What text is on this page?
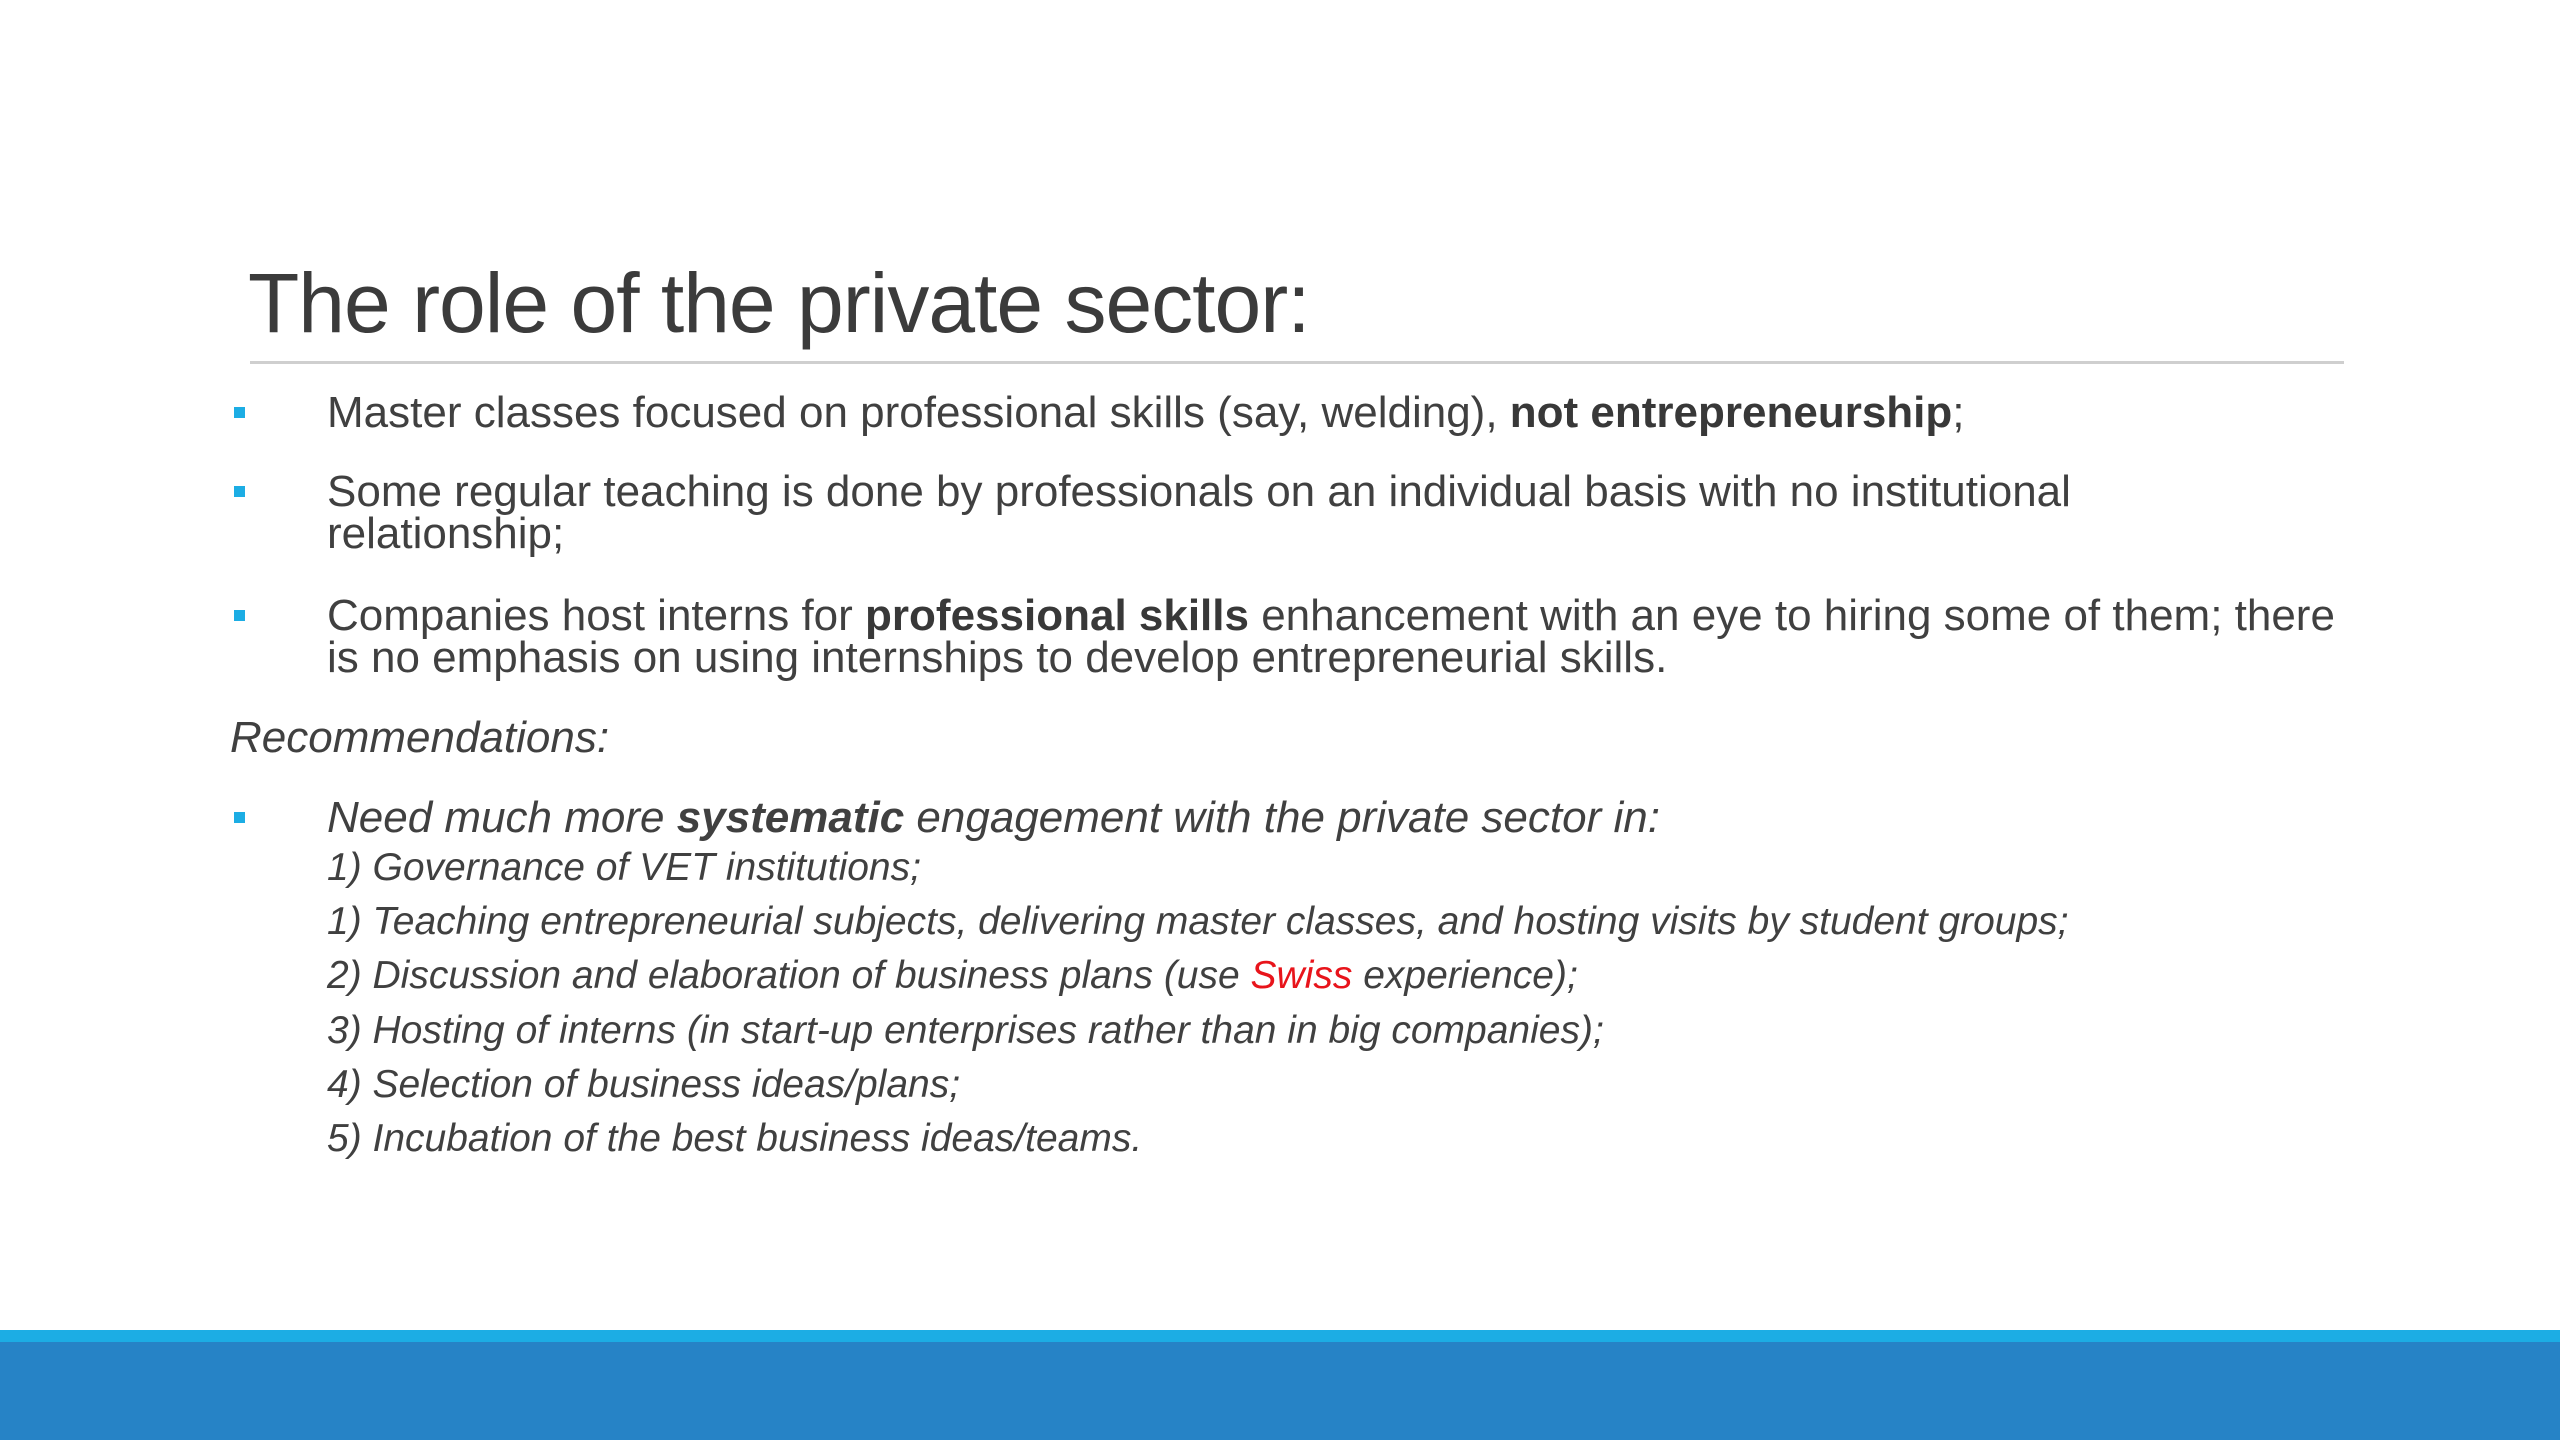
The role of the private sector:

Master classes focused on professional skills (say, welding), not entrepreneurship;

Some regular teaching is done by professionals on an individual basis with no institutional relationship;

Companies host interns for professional skills enhancement with an eye to hiring some of them; there is no emphasis on using internships to develop entrepreneurial skills.

Recommendations:

Need much more systematic engagement with the private sector in:

1) Governance of VET institutions;
1) Teaching entrepreneurial subjects, delivering master classes, and hosting visits by student groups;
2) Discussion and elaboration of business plans (use Swiss experience);
3) Hosting of interns (in start-up enterprises rather than in big companies);
4) Selection of business ideas/plans;
5) Incubation of the best business ideas/teams.
